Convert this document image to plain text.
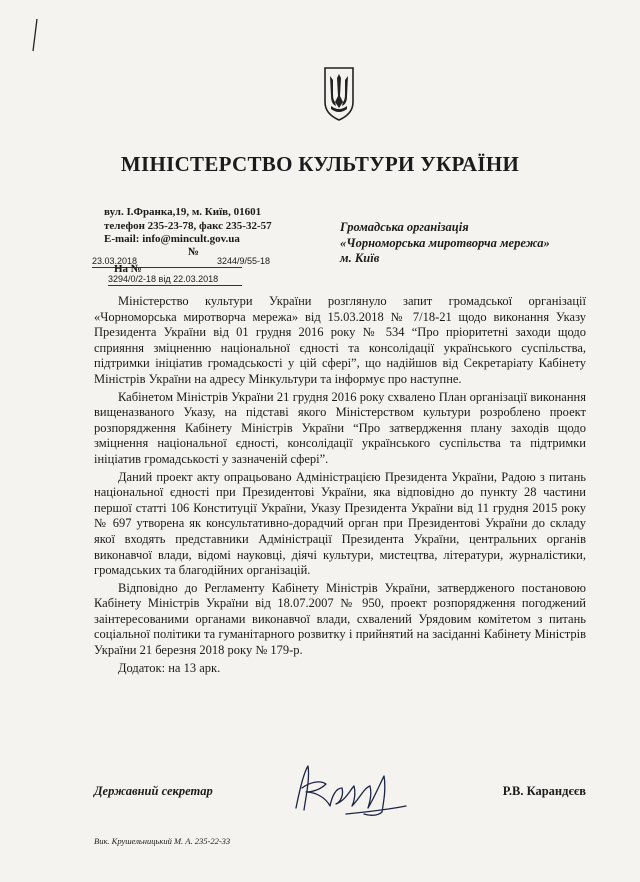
МІНІСТЕРСТВО КУЛЬТУРИ УКРАЇНИ
вул. І.Франка,19, м. Київ, 01601
телефон 235-23-78, факс 235-32-57
E-mail: info@mincult.gov.ua
23.03.2018
№
3244/9/55-18
На №
3294/0/2-18 від 22.03.2018
Громадська організація
«Чорноморська миротворча мережа»
м. Київ

Міністерство культури України розглянуло запит громадської організації «Чорноморська миротворча мережа» від 15.03.2018 № 7/18-21 щодо виконання Указу Президента України від 01 грудня 2016 року № 534 “Про пріоритетні заходи щодо сприяння зміцненню національної єдності та консолідації українського суспільства, підтримки ініціатив громадськості у цій сфері”, що надійшов від Секретаріату Кабінету Міністрів України на адресу Мінкультури та інформує про наступне.

Кабінетом Міністрів України 21 грудня 2016 року схвалено План організації виконання вищеназваного Указу, на підставі якого Міністерством культури розроблено проект розпорядження Кабінету Міністрів України “Про затвердження плану заходів щодо зміцнення національної єдності, консолідації українського суспільства та підтримки ініціатив громадськості у зазначеній сфері”.

Даний проект акту опрацьовано Адміністрацією Президента України, Радою з питань національної єдності при Президентові України, яка відповідно до пункту 28 частини першої статті 106 Конституції України, Указу Президента України від 11 грудня 2015 року № 697 утворена як консультативно-дорадчий орган при Президентові України до складу якої входять представники Адміністрації Президента України, центральних органів виконавчої влади, відомі науковці, діячі культури, мистецтва, літератури, журналістики, громадських та благодійних організацій.

Відповідно до Регламенту Кабінету Міністрів України, затвердженого постановою Кабінету Міністрів України від 18.07.2007 № 950, проект розпорядження погоджений заінтересованими органами виконавчої влади, схвалений Урядовим комітетом з питань соціальної політики та гуманітарного розвитку і прийнятий на засіданні Кабінету Міністрів України 21 березня 2018 року № 179-р.

Додаток: на 13 арк.

Державний секретар	Р.В. Карандєєв
Вик. Крушельницький М. А. 235-22-33
